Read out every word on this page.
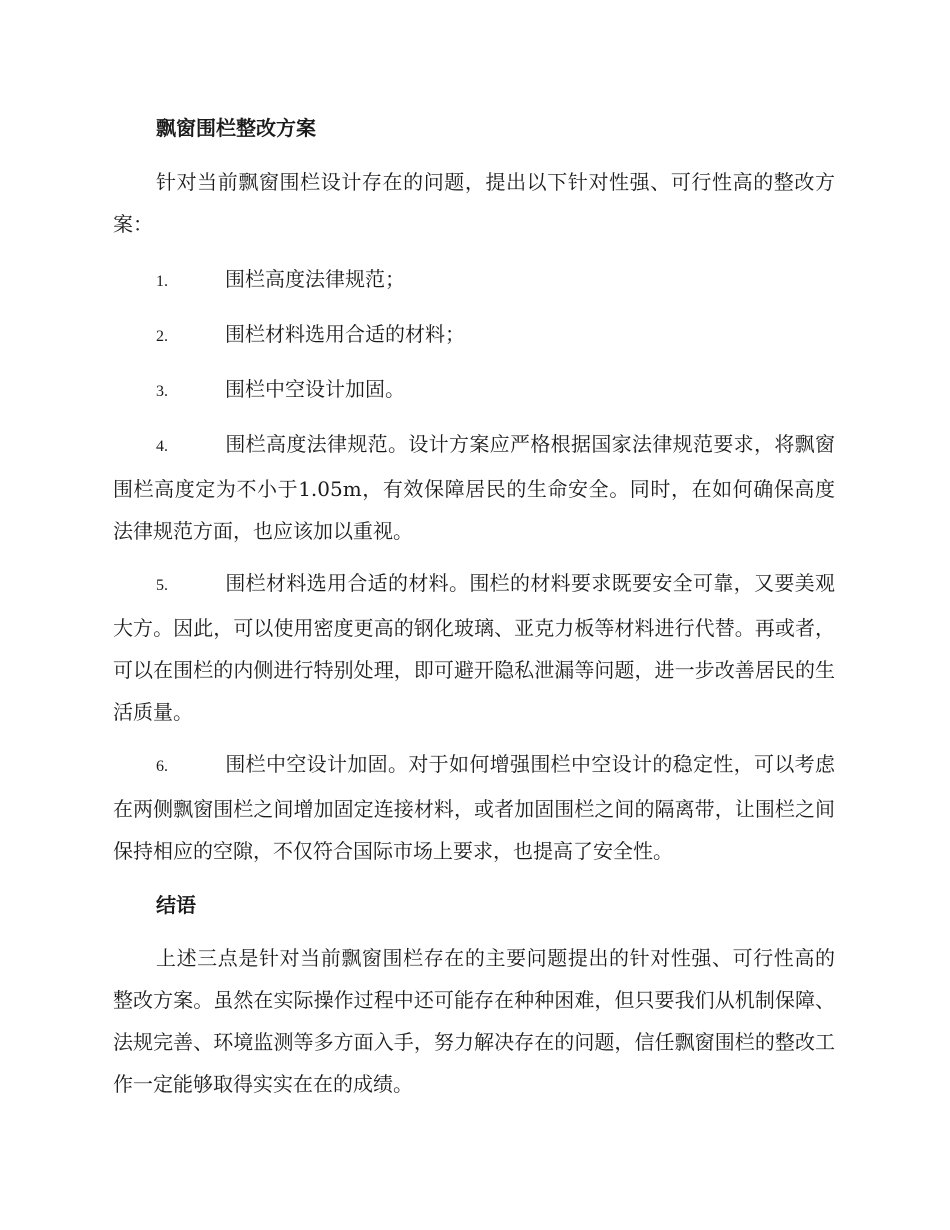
飘窗围栏整改方案

针对当前飘窗围栏设计存在的问题，提出以下针对性强、可行性高的整改方案：

1.	围栏高度法律规范；

2.	围栏材料选用合适的材料；

3.	围栏中空设计加固。

4.	围栏高度法律规范。设计方案应严格根据国家法律规范要求，将飘窗围栏高度定为不小于1.05m，有效保障居民的生命安全。同时，在如何确保高度法律规范方面，也应该加以重视。

5.	围栏材料选用合适的材料。围栏的材料要求既要安全可靠，又要美观大方。因此，可以使用密度更高的钢化玻璃、亚克力板等材料进行代替。再或者，可以在围栏的内侧进行特别处理，即可避开隐私泄漏等问题，进一步改善居民的生活质量。

6.	围栏中空设计加固。对于如何增强围栏中空设计的稳定性，可以考虑在两侧飘窗围栏之间增加固定连接材料，或者加固围栏之间的隔离带，让围栏之间保持相应的空隙，不仅符合国际市场上要求，也提高了安全性。

结语

上述三点是针对当前飘窗围栏存在的主要问题提出的针对性强、可行性高的整改方案。虽然在实际操作过程中还可能存在种种困难，但只要我们从机制保障、法规完善、环境监测等多方面入手，努力解决存在的问题，信任飘窗围栏的整改工作一定能够取得实实在在的成绩。
